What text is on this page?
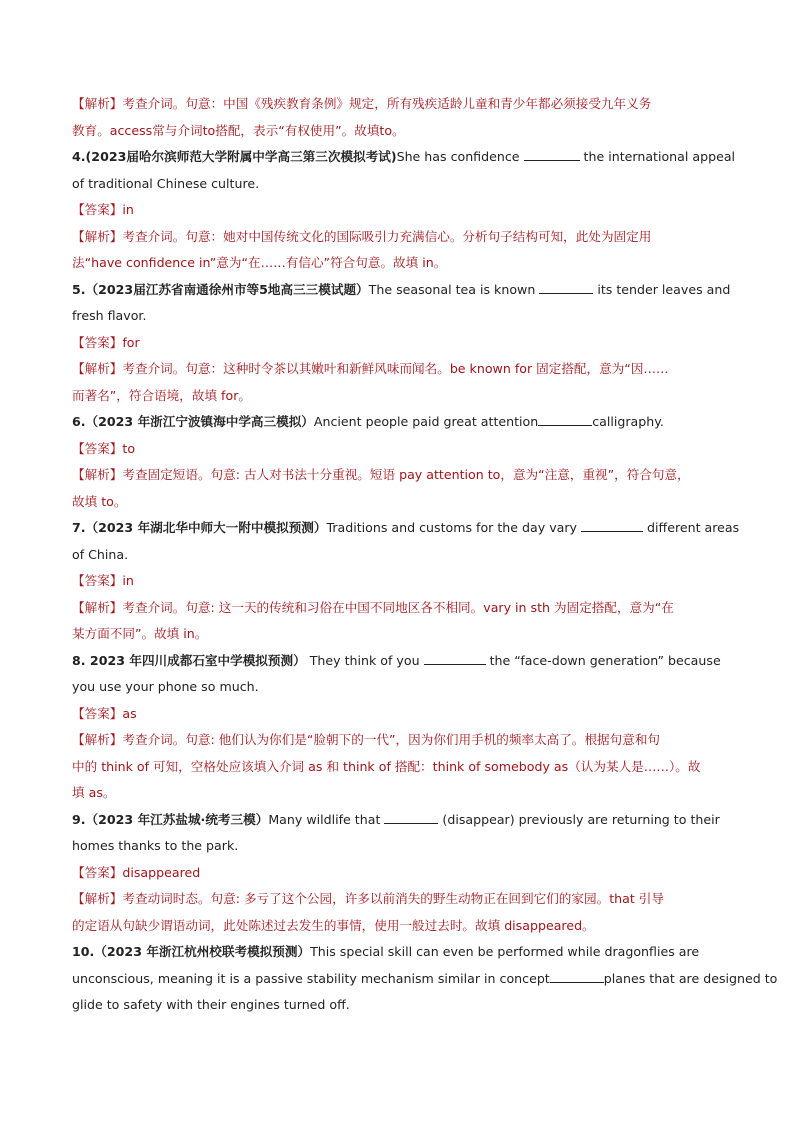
【解析】考查介词。句意：中国《残疾教育条例》规定，所有残疾适龄儿童和青少年都必须接受九年义务

教育。access常与介词to搭配，表示“有权使用”。故填to。

4.(2023届哈尔滨师范大学附属中学高三第三次模拟考试)She has confidence	the international appeal

of traditional Chinese culture.

【答案】in

【解析】考查介词。句意：她对中国传统文化的国际吸引力充满信心。分析句子结构可知，此处为固定用

法“have confidence in”意为“在……有信心”符合句意。故填 in。

5.（2023届江苏省南通徐州市等5地高三三模试题）The seasonal tea is known	its tender leaves and

fresh flavor.

【答案】for

【解析】考查介词。句意：这种时令茶以其嫩叶和新鲜风味而闻名。be known for 固定搭配，意为“因……

而著名”，符合语境，故填 for。

6.（2023 年浙江宁波镇海中学高三模拟）Ancient people paid great attention	calligraphy.

【答案】to

【解析】考查固定短语。句意: 古人对书法十分重视。短语 pay attention to，意为“注意，重视”，符合句意，

故填 to。

7.（2023 年湖北华中师大一附中模拟预测）Traditions and customs for the day vary	different areas

of China.

【答案】in

【解析】考查介词。句意: 这一天的传统和习俗在中国不同地区各不相同。vary in sth 为固定搭配，意为“在

某方面不同”。故填 in。

8. 2023 年四川成都石室中学模拟预测） They think of you	the “face-down generation” because

you use your phone so much.

【答案】as

【解析】考查介词。句意: 他们认为你们是“脸朝下的一代”，因为你们用手机的频率太高了。根据句意和句

中的 think of 可知，空格处应该填入介词 as 和 think of 搭配：think of somebody as（认为某人是……）。故

填 as。

9.（2023 年江苏盐城·统考三模）Many wildlife that	(disappear) previously are returning to their

homes thanks to the park.

【答案】disappeared

【解析】考查动词时态。句意: 多亏了这个公园，许多以前消失的野生动物正在回到它们的家园。that 引导

的定语从句缺少谓语动词，此处陈述过去发生的事情，使用一般过去时。故填 disappeared。

10.（2023 年浙江杭州校联考模拟预测）This special skill can even be performed while dragonflies are

unconscious, meaning it is a passive stability mechanism similar in concept	planes that are designed to

glide to safety with their engines turned off.
